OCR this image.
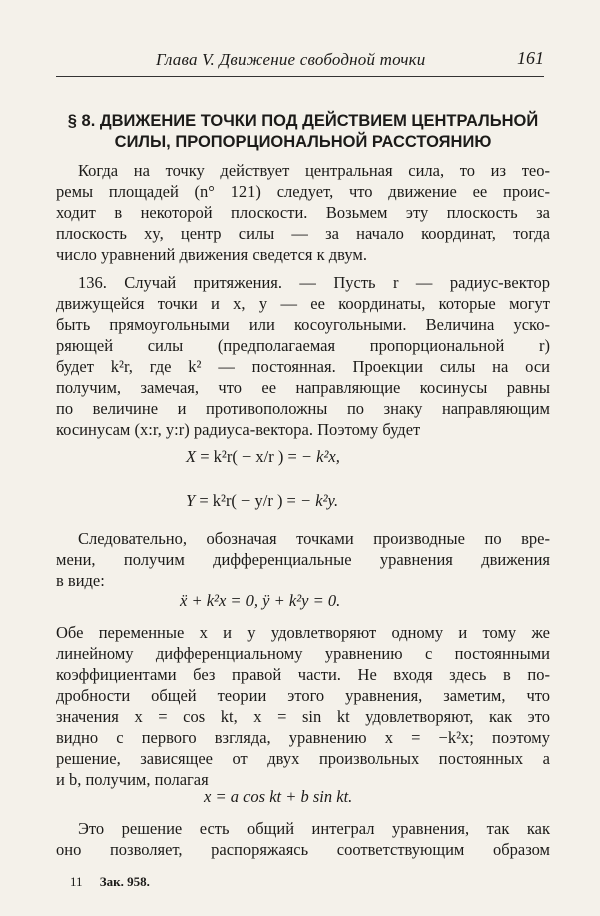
Глава V. Движение свободной точки	161
§ 8. ДВИЖЕНИЕ ТОЧКИ ПОД ДЕЙСТВИЕМ ЦЕНТРАЛЬНОЙ
СИЛЫ, ПРОПОРЦИОНАЛЬНОЙ РАССТОЯНИЮ
Когда на точку действует центральная сила, то из тео-
ремы площадей (n° 121) следует, что движение ее проис-
ходит в некоторой плоскости. Возьмем эту плоскость за
плоскость xy, центр силы — за начало координат, тогда
число уравнений движения сведется к двум.
136. Случай притяжения. — Пусть r — радиус-вектор
движущейся точки и x, y — ее координаты, которые могут
быть прямоугольными или косоугольными. Величина уско-
ряющей силы (предполагаемая пропорциональной r)
будет k²r, где k² — постоянная. Проекции силы на оси
получим, замечая, что ее направляющие косинусы равны
по величине и противоположны по знаку направляющим
косинусам (x:r, y:r) радиуса-вектора. Поэтому будет
X = k²r( − x/r ) = − k²x,
Y = k²r( − y/r ) = − k²y.
Следовательно, обозначая точками производные по вре-
мени, получим дифференциальные уравнения движения
в виде:
ẍ + k²x = 0, ÿ + k²y = 0.
Обе переменные x и y удовлетворяют одному и тому же
линейному дифференциальному уравнению с постоянными
коэффициентами без правой части. Не входя здесь в по-
дробности общей теории этого уравнения, заметим, что
значения x = cos kt, x = sin kt удовлетворяют, как это
видно с первого взгляда, уравнению x = −k²x; поэтому
решение, зависящее от двух произвольных постоянных a
и b, получим, полагая
x = a cos kt + b sin kt.
Это решение есть общий интеграл уравнения, так как
оно позволяет, распоряжаясь соответствующим образом
11 Зак. 958.
